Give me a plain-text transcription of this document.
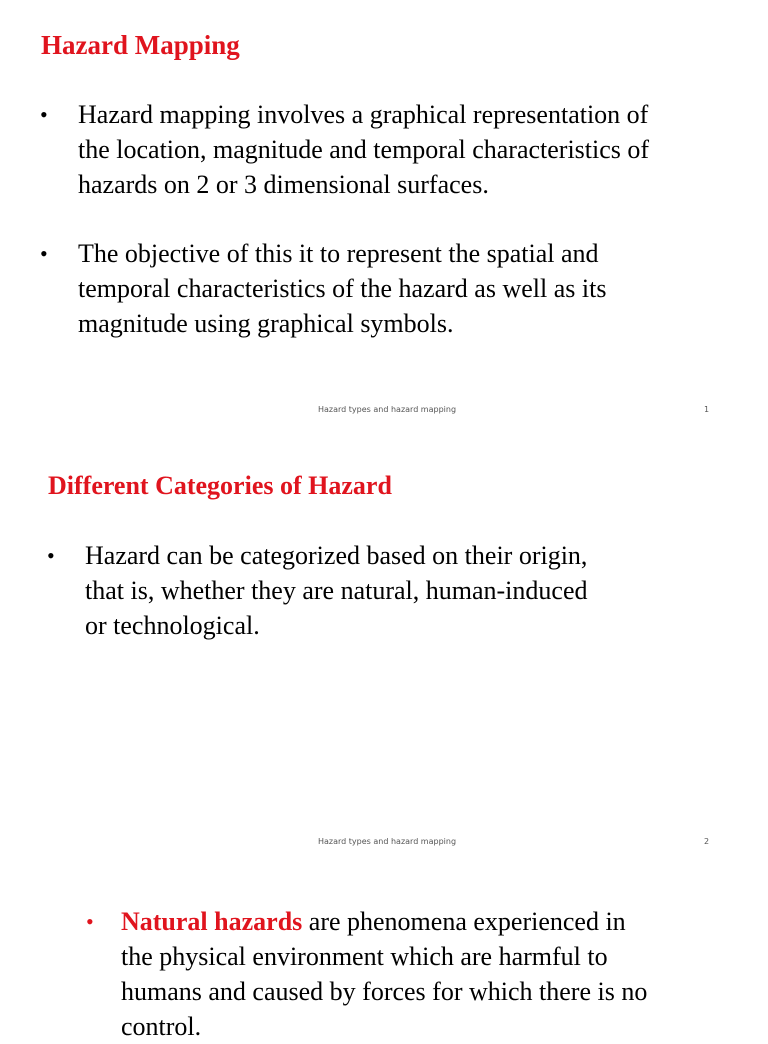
Hazard Mapping
• Hazard mapping involves a graphical representation of
the location, magnitude and temporal characteristics of
hazards on 2 or 3 dimensional surfaces.
• The objective of this it to represent the spatial and
temporal characteristics of the hazard as well as its
magnitude using graphical symbols.
Hazard types and hazard mapping	1
Different Categories of Hazard
• Hazard can be categorized based on their origin,
that is, whether they are natural, human-induced
or technological.
Hazard types and hazard mapping	2
• Natural hazards are phenomena experienced in
the physical environment which are harmful to
humans and caused by forces for which there is no
control.
